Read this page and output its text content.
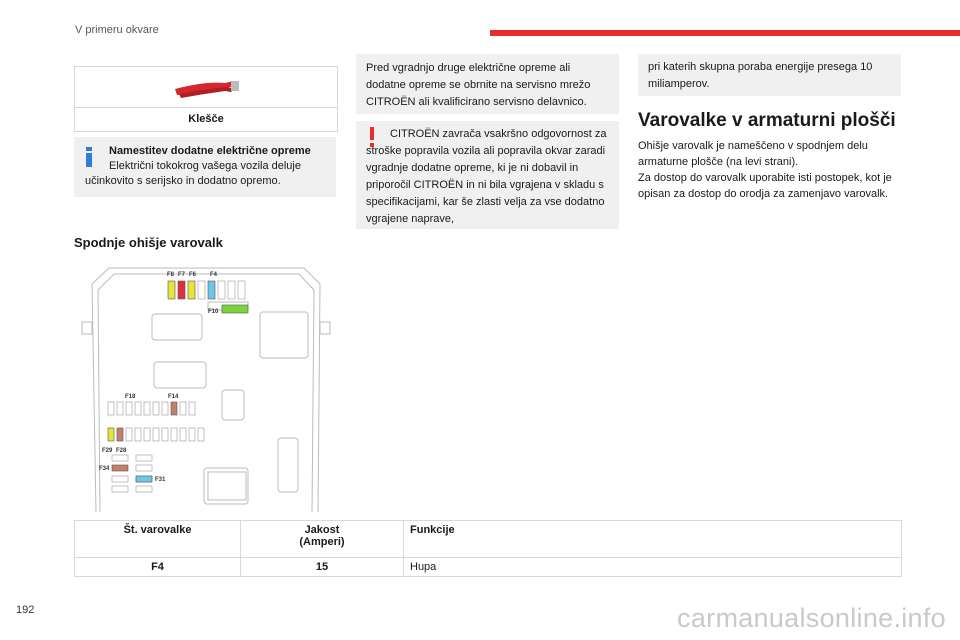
V primeru okvare
Klešče
Namestitev dodatne električne opreme
Električni tokokrog vašega vozila deluje učinkovito s serijsko in dodatno opremo.
Spodnje ohišje varovalk
F8 F7 F6 F4
F10
F18	F14
F29 F28
F34
F31
Pred vgradnjo druge električne opreme ali dodatne opreme se obrnite na servisno mrežo CITROËN ali kvalificirano servisno delavnico.
CITROËN zavrača vsakršno odgovornost za stroške popravila vozila ali popravila okvar zaradi vgradnje dodatne opreme, ki je ni dobavil in priporočil CITROËN in ni bila vgrajena v skladu s specifikacijami, kar še zlasti velja za vse dodatno vgrajene naprave,
pri katerih skupna poraba energije presega 10 miliamperov.
Varovalke v armaturni plošči
Ohišje varovalk je nameščeno v spodnjem delu armaturne plošče (na levi strani).
Za dostop do varovalk uporabite isti postopek, kot je opisan za dostop do orodja za zamenjavo varovalk.
Št. varovalke	Jakost (Amperi)	Funkcije
F4	15	Hupa
192	carmanualsonline.info
